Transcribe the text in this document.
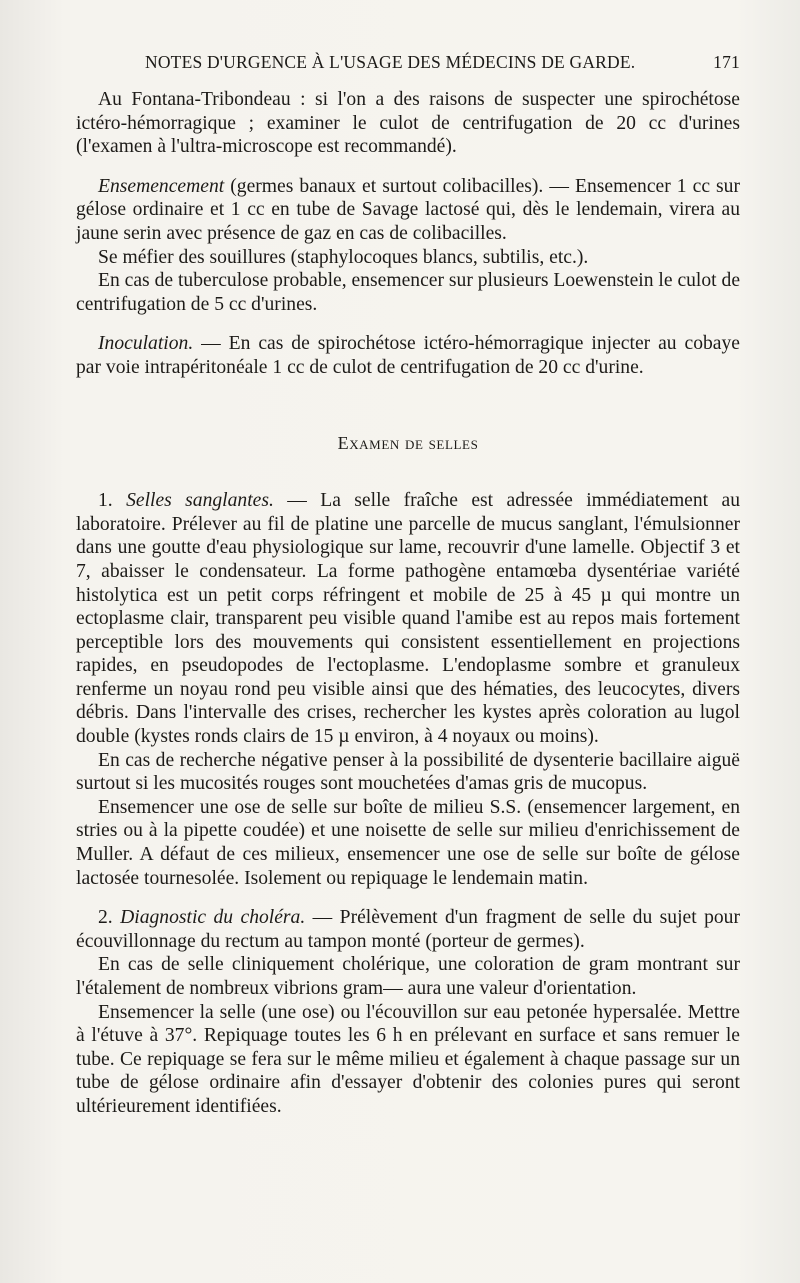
NOTES D'URGENCE À L'USAGE DES MÉDECINS DE GARDE.	171

Au Fontana-Tribondeau : si l'on a des raisons de suspecter une spirochétose ictéro-hémorragique ; examiner le culot de centrifugation de 20 cc d'urines (l'examen à l'ultra-microscope est recommandé).

Ensemencement (germes banaux et surtout colibacilles). — Ensemencer 1 cc sur gélose ordinaire et 1 cc en tube de Savage lactosé qui, dès le lendemain, virera au jaune serin avec présence de gaz en cas de colibacilles.

Se méfier des souillures (staphylocoques blancs, subtilis, etc.).

En cas de tuberculose probable, ensemencer sur plusieurs Loewenstein le culot de centrifugation de 5 cc d'urines.

Inoculation. — En cas de spirochétose ictéro-hémorragique injecter au cobaye par voie intrapéritonéale 1 cc de culot de centrifugation de 20 cc d'urine.

Examen de selles

1. Selles sanglantes. — La selle fraîche est adressée immédiatement au laboratoire. Prélever au fil de platine une parcelle de mucus sanglant, l'émulsionner dans une goutte d'eau physiologique sur lame, recouvrir d'une lamelle. Objectif 3 et 7, abaisser le condensateur. La forme pathogène entamœba dysentériae variété histolytica est un petit corps réfringent et mobile de 25 à 45 µ qui montre un ectoplasme clair, transparent peu visible quand l'amibe est au repos mais fortement perceptible lors des mouvements qui consistent essentiellement en projections rapides, en pseudopodes de l'ectoplasme. L'endoplasme sombre et granuleux renferme un noyau rond peu visible ainsi que des hématies, des leucocytes, divers débris. Dans l'intervalle des crises, rechercher les kystes après coloration au lugol double (kystes ronds clairs de 15 µ environ, à 4 noyaux ou moins).

En cas de recherche négative penser à la possibilité de dysenterie bacillaire aiguë surtout si les mucosités rouges sont mouchetées d'amas gris de mucopus.

Ensemencer une ose de selle sur boîte de milieu S.S. (ensemencer largement, en stries ou à la pipette coudée) et une noisette de selle sur milieu d'enrichissement de Muller. A défaut de ces milieux, ensemencer une ose de selle sur boîte de gélose lactosée tournesolée. Isolement ou repiquage le lendemain matin.

2. Diagnostic du choléra. — Prélèvement d'un fragment de selle du sujet pour écouvillonnage du rectum au tampon monté (porteur de germes).

En cas de selle cliniquement cholérique, une coloration de gram montrant sur l'étalement de nombreux vibrions gram— aura une valeur d'orientation.

Ensemencer la selle (une ose) ou l'écouvillon sur eau petonée hypersalée. Mettre à l'étuve à 37°. Repiquage toutes les 6 h en prélevant en surface et sans remuer le tube. Ce repiquage se fera sur le même milieu et également à chaque passage sur un tube de gélose ordinaire afin d'essayer d'obtenir des colonies pures qui seront ultérieurement identifiées.
